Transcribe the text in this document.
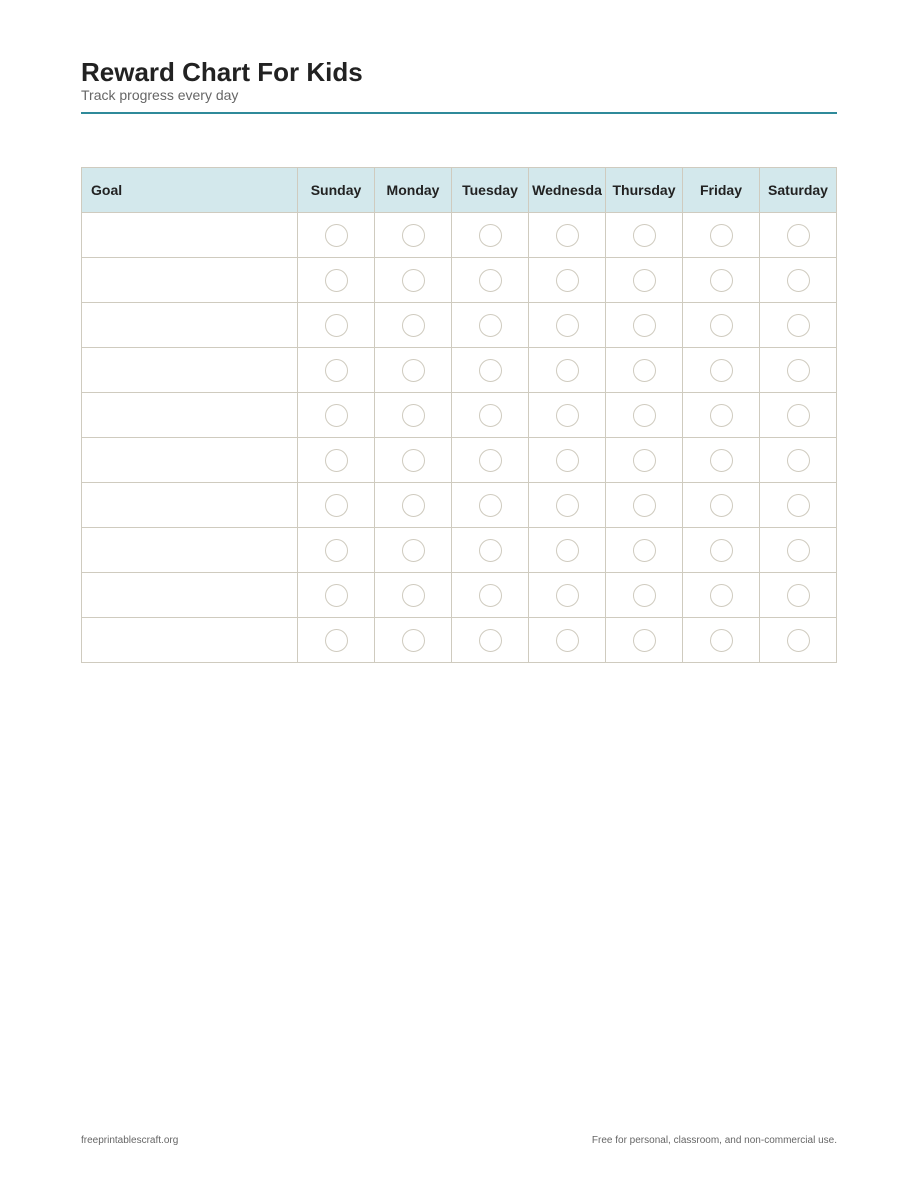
Reward Chart For Kids
Track progress every day
Goal	Sunday	Monday	Tuesday	Wednesda	Thursday	Friday	Saturday

freeprintablescraft.org	Free for personal, classroom, and non-commercial use.
